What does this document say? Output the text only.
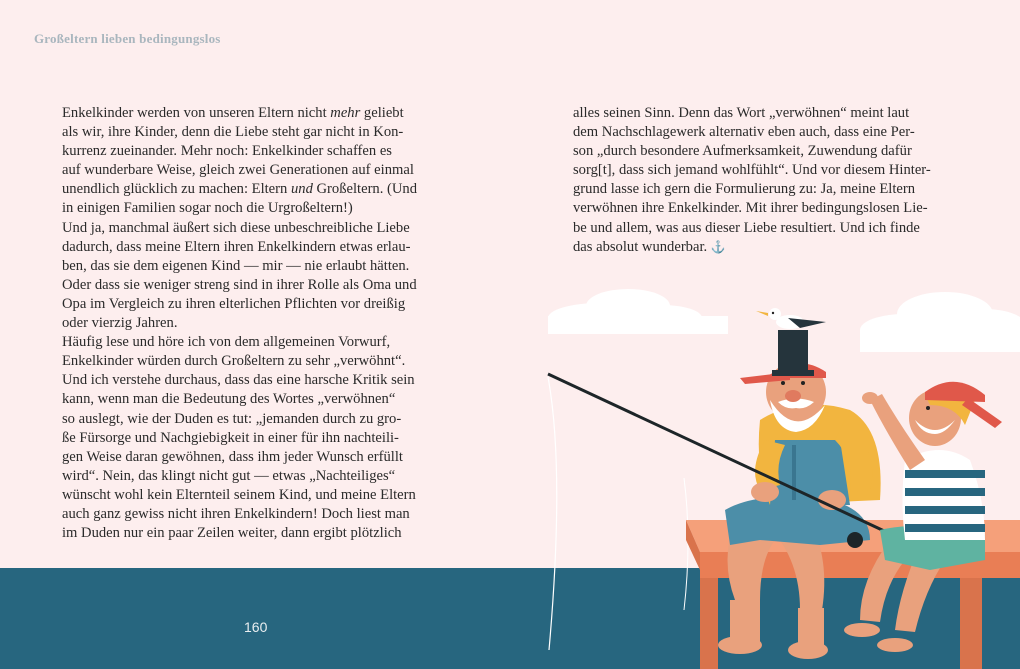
Großeltern lieben bedingungslos

Enkelkinder werden von unseren Eltern nicht mehr geliebt

als wir, ihre Kinder, denn die Liebe steht gar nicht in Kon-

kurrenz zueinander. Mehr noch: Enkelkinder schaffen es

auf wunderbare Weise, gleich zwei Generationen auf einmal

unendlich glücklich zu machen: Eltern und Großeltern. (Und

in einigen Familien sogar noch die Urgroßeltern!)

Und ja, manchmal äußert sich diese unbeschreibliche Liebe

dadurch, dass meine Eltern ihren Enkelkindern etwas erlau-

ben, das sie dem eigenen Kind — mir — nie erlaubt hätten.

Oder dass sie weniger streng sind in ihrer Rolle als Oma und

Opa im Vergleich zu ihren elterlichen Pflichten vor dreißig

oder vierzig Jahren.

Häufig lese und höre ich von dem allgemeinen Vorwurf,

Enkelkinder würden durch Großeltern zu sehr „verwöhnt“.

Und ich verstehe durchaus, dass das eine harsche Kritik sein

kann, wenn man die Bedeutung des Wortes „verwöhnen“

so auslegt, wie der Duden es tut: „jemanden durch zu gro-

ße Fürsorge und Nachgiebigkeit in einer für ihn nachteili-

gen Weise daran gewöhnen, dass ihm jeder Wunsch erfüllt

wird“. Nein, das klingt nicht gut — etwas „Nachteiliges“

wünscht wohl kein Elternteil seinem Kind, und meine Eltern

auch ganz gewiss nicht ihren Enkelkindern! Doch liest man

im Duden nur ein paar Zeilen weiter, dann ergibt plötzlich

alles seinen Sinn. Denn das Wort „verwöhnen“ meint laut

dem Nachschlagewerk alternativ eben auch, dass eine Per-

son „durch besondere Aufmerksamkeit, Zuwendung dafür

sorg[t], dass sich jemand wohlfühlt“. Und vor diesem Hinter-

grund lasse ich gern die Formulierung zu: Ja, meine Eltern

verwöhnen ihre Enkelkinder. Mit ihrer bedingungslosen Lie-

be und allem, was aus dieser Liebe resultiert. Und ich finde

das absolut wunderbar. ⚓

160
